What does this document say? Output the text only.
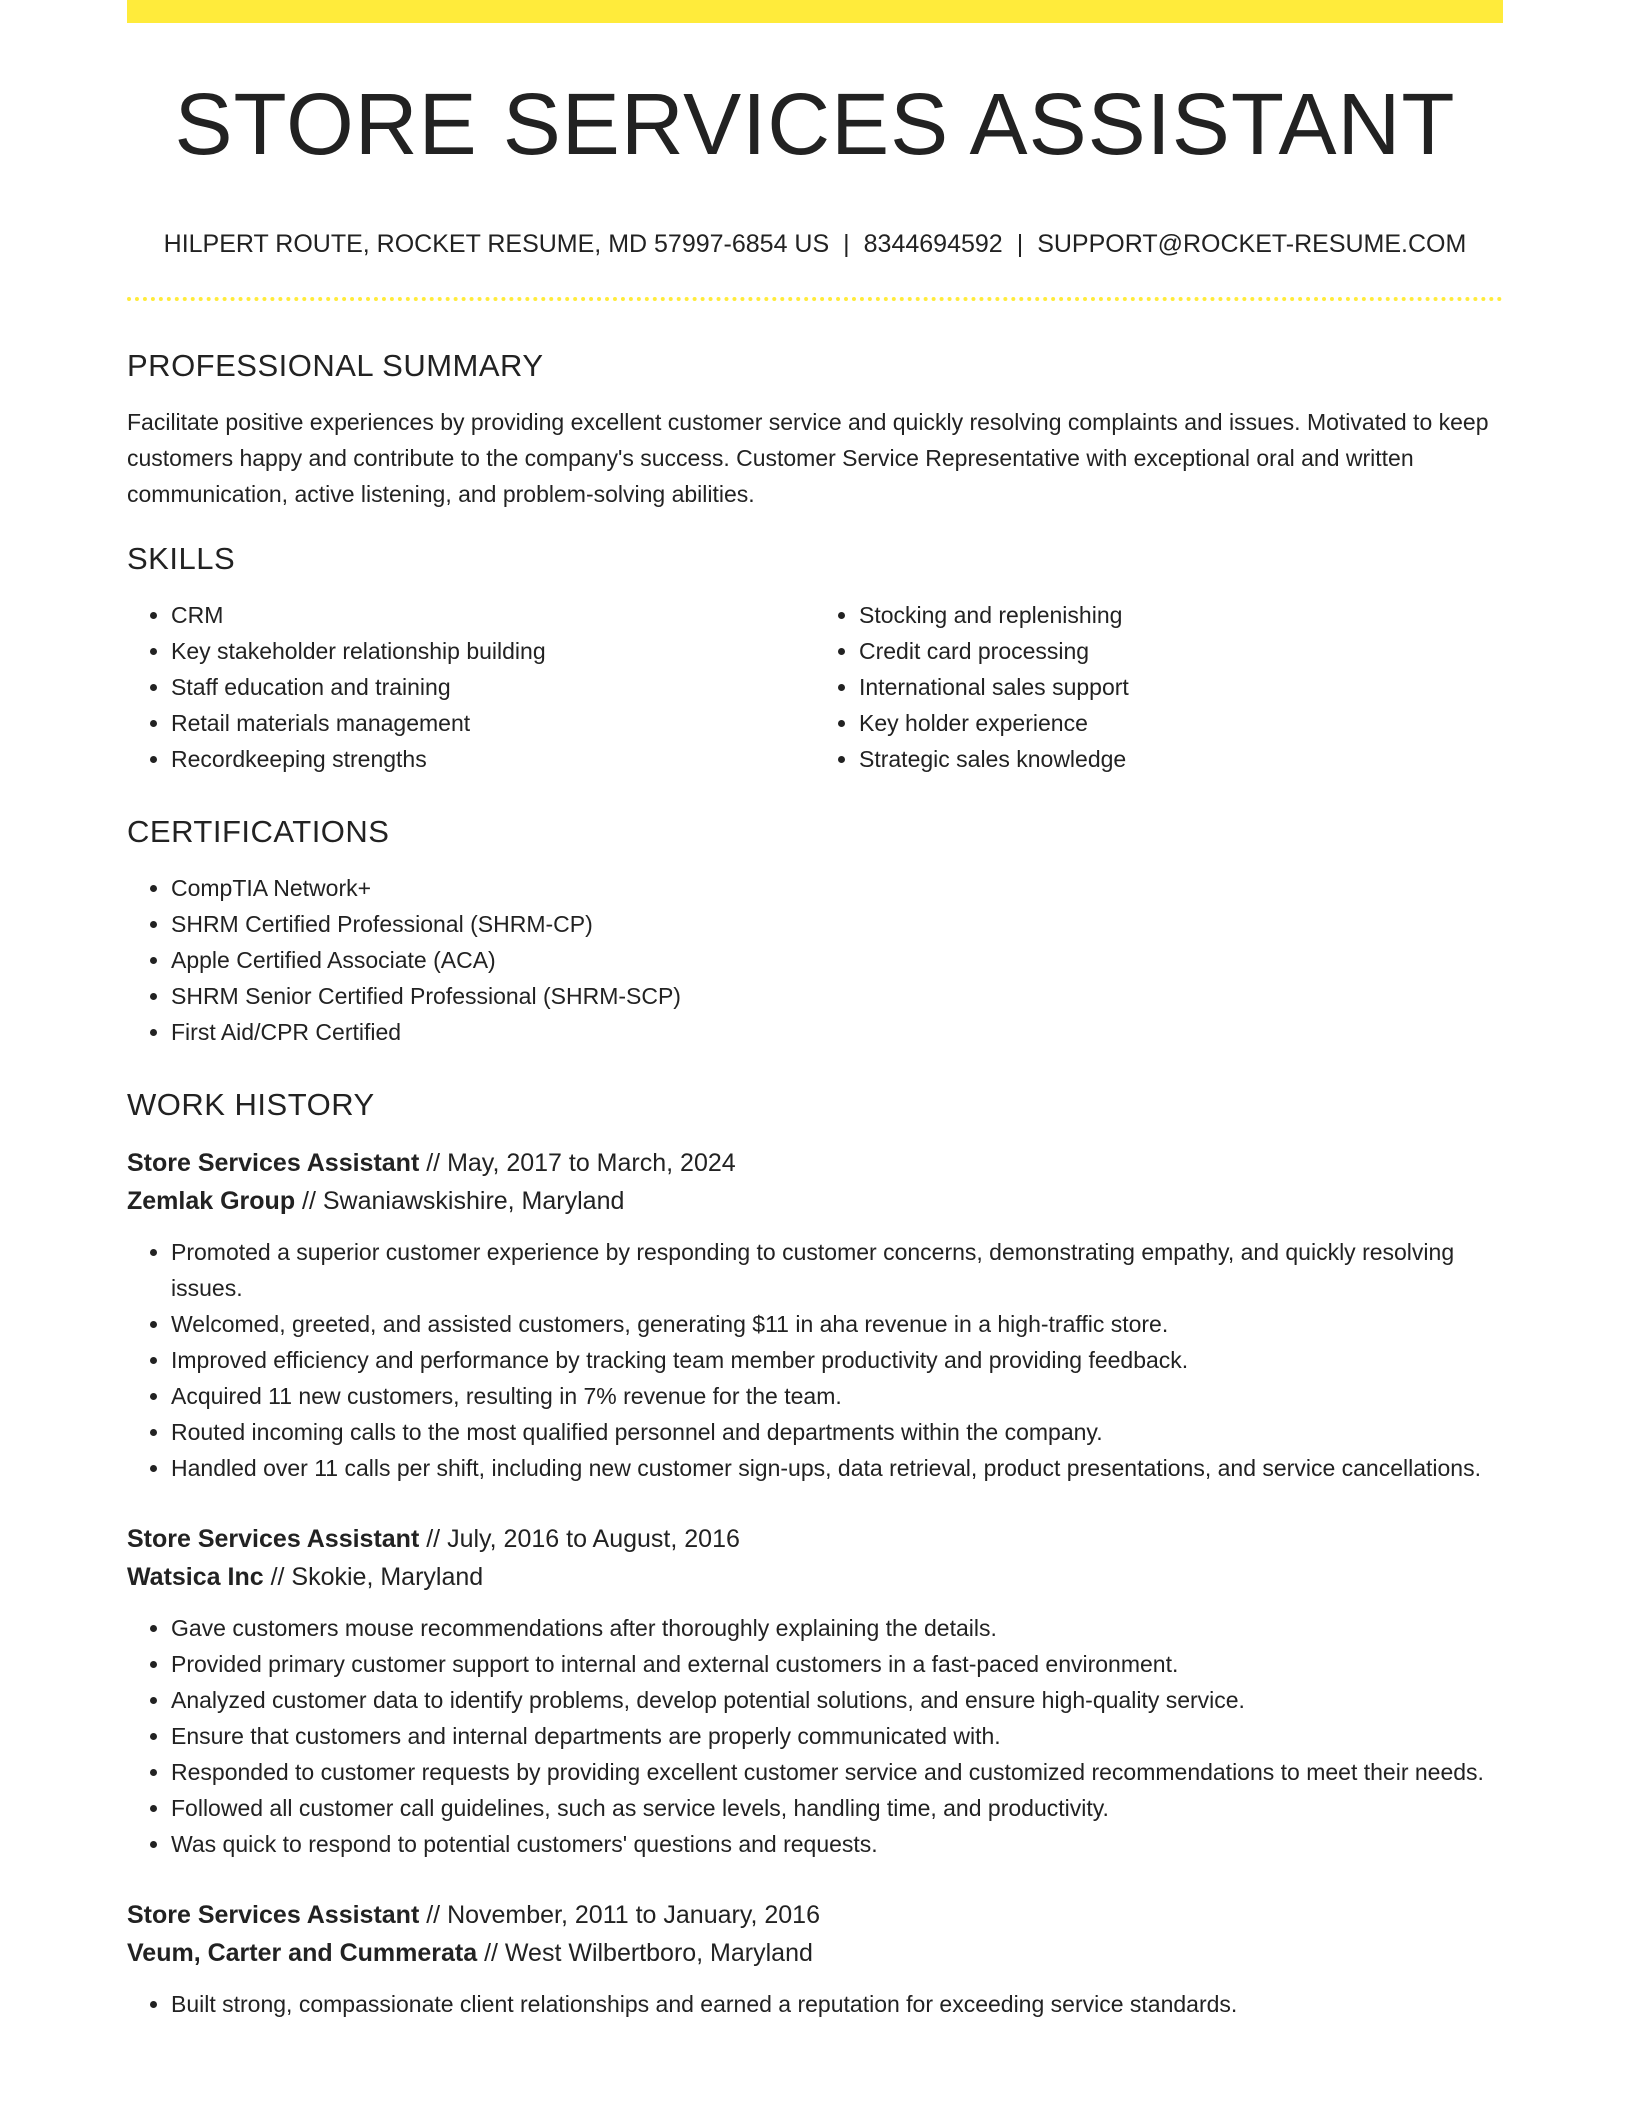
STORE SERVICES ASSISTANT
HILPERT ROUTE, ROCKET RESUME, MD 57997-6854 US | 8344694592 | SUPPORT@ROCKET-RESUME.COM
PROFESSIONAL SUMMARY
Facilitate positive experiences by providing excellent customer service and quickly resolving complaints and issues. Motivated to keep customers happy and contribute to the company's success. Customer Service Representative with exceptional oral and written communication, active listening, and problem-solving abilities.
SKILLS
• CRM
• Key stakeholder relationship building
• Staff education and training
• Retail materials management
• Recordkeeping strengths
• Stocking and replenishing
• Credit card processing
• International sales support
• Key holder experience
• Strategic sales knowledge
CERTIFICATIONS
• CompTIA Network+
• SHRM Certified Professional (SHRM-CP)
• Apple Certified Associate (ACA)
• SHRM Senior Certified Professional (SHRM-SCP)
• First Aid/CPR Certified
WORK HISTORY
Store Services Assistant // May, 2017 to March, 2024
Zemlak Group // Swaniawskishire, Maryland
• Promoted a superior customer experience by responding to customer concerns, demonstrating empathy, and quickly resolving issues.
• Welcomed, greeted, and assisted customers, generating $11 in aha revenue in a high-traffic store.
• Improved efficiency and performance by tracking team member productivity and providing feedback.
• Acquired 11 new customers, resulting in 7% revenue for the team.
• Routed incoming calls to the most qualified personnel and departments within the company.
• Handled over 11 calls per shift, including new customer sign-ups, data retrieval, product presentations, and service cancellations.
Store Services Assistant // July, 2016 to August, 2016
Watsica Inc // Skokie, Maryland
• Gave customers mouse recommendations after thoroughly explaining the details.
• Provided primary customer support to internal and external customers in a fast-paced environment.
• Analyzed customer data to identify problems, develop potential solutions, and ensure high-quality service.
• Ensure that customers and internal departments are properly communicated with.
• Responded to customer requests by providing excellent customer service and customized recommendations to meet their needs.
• Followed all customer call guidelines, such as service levels, handling time, and productivity.
• Was quick to respond to potential customers' questions and requests.
Store Services Assistant // November, 2011 to January, 2016
Veum, Carter and Cummerata // West Wilbertboro, Maryland
• Built strong, compassionate client relationships and earned a reputation for exceeding service standards.
